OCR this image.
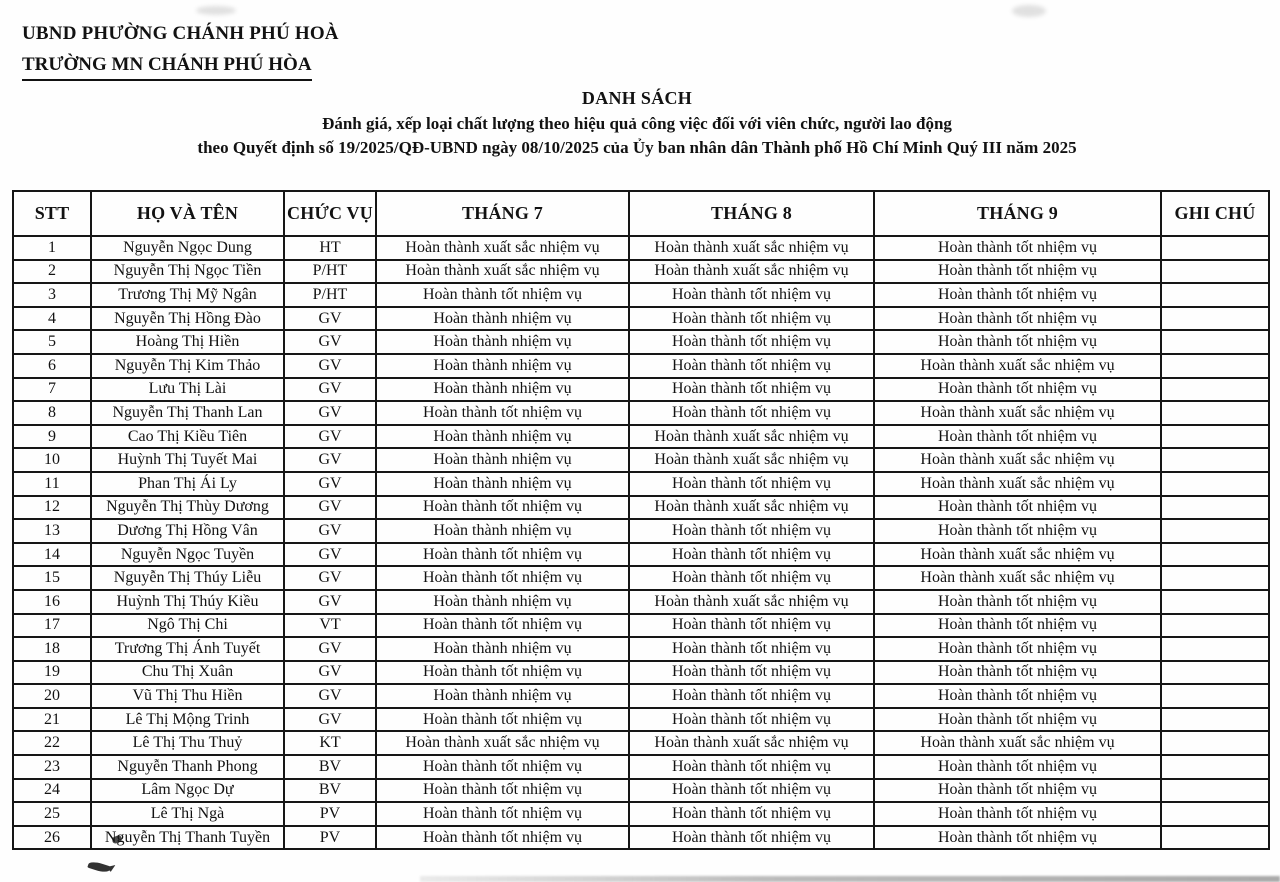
UBND PHƯỜNG CHÁNH PHÚ HOÀ
TRƯỜNG MN CHÁNH PHÚ HÒA
DANH SÁCH
Đánh giá, xếp loại chất lượng theo hiệu quả công việc đối với viên chức, người lao động
theo Quyết định số 19/2025/QĐ-UBND ngày 08/10/2025 của Ủy ban nhân dân Thành phố Hồ Chí Minh Quý III năm 2025
STT	HỌ VÀ TÊN	CHỨC VỤ	THÁNG 7	THÁNG 8	THÁNG 9	GHI CHÚ
1	Nguyễn Ngọc Dung	HT	Hoàn thành xuất sắc nhiệm vụ	Hoàn thành xuất sắc nhiệm vụ	Hoàn thành tốt nhiệm vụ	
2	Nguyễn Thị Ngọc Tiền	P/HT	Hoàn thành xuất sắc nhiệm vụ	Hoàn thành xuất sắc nhiệm vụ	Hoàn thành tốt nhiệm vụ	
3	Trương Thị Mỹ Ngân	P/HT	Hoàn thành tốt nhiệm vụ	Hoàn thành tốt nhiệm vụ	Hoàn thành tốt nhiệm vụ	
4	Nguyễn Thị Hồng Đào	GV	Hoàn thành nhiệm vụ	Hoàn thành tốt nhiệm vụ	Hoàn thành tốt nhiệm vụ	
5	Hoàng Thị Hiền	GV	Hoàn thành nhiệm vụ	Hoàn thành tốt nhiệm vụ	Hoàn thành tốt nhiệm vụ	
6	Nguyễn Thị Kim Thảo	GV	Hoàn thành nhiệm vụ	Hoàn thành tốt nhiệm vụ	Hoàn thành xuất sắc nhiệm vụ	
7	Lưu Thị Lài	GV	Hoàn thành nhiệm vụ	Hoàn thành tốt nhiệm vụ	Hoàn thành tốt nhiệm vụ	
8	Nguyễn Thị Thanh Lan	GV	Hoàn thành tốt nhiệm vụ	Hoàn thành tốt nhiệm vụ	Hoàn thành xuất sắc nhiệm vụ	
9	Cao Thị Kiều Tiên	GV	Hoàn thành nhiệm vụ	Hoàn thành xuất sắc nhiệm vụ	Hoàn thành tốt nhiệm vụ	
10	Huỳnh Thị Tuyết Mai	GV	Hoàn thành nhiệm vụ	Hoàn thành xuất sắc nhiệm vụ	Hoàn thành xuất sắc nhiệm vụ	
11	Phan Thị Ái Ly	GV	Hoàn thành nhiệm vụ	Hoàn thành tốt nhiệm vụ	Hoàn thành xuất sắc nhiệm vụ	
12	Nguyễn Thị Thùy Dương	GV	Hoàn thành tốt nhiệm vụ	Hoàn thành xuất sắc nhiệm vụ	Hoàn thành tốt nhiệm vụ	
13	Dương Thị Hồng Vân	GV	Hoàn thành nhiệm vụ	Hoàn thành tốt nhiệm vụ	Hoàn thành tốt nhiệm vụ	
14	Nguyễn Ngọc Tuyền	GV	Hoàn thành tốt nhiệm vụ	Hoàn thành tốt nhiệm vụ	Hoàn thành xuất sắc nhiệm vụ	
15	Nguyễn Thị Thúy Liễu	GV	Hoàn thành tốt nhiệm vụ	Hoàn thành tốt nhiệm vụ	Hoàn thành xuất sắc nhiệm vụ	
16	Huỳnh Thị Thúy Kiều	GV	Hoàn thành nhiệm vụ	Hoàn thành xuất sắc nhiệm vụ	Hoàn thành tốt nhiệm vụ	
17	Ngô Thị Chi	VT	Hoàn thành tốt nhiệm vụ	Hoàn thành tốt nhiệm vụ	Hoàn thành tốt nhiệm vụ	
18	Trương Thị Ánh Tuyết	GV	Hoàn thành nhiệm vụ	Hoàn thành tốt nhiệm vụ	Hoàn thành tốt nhiệm vụ	
19	Chu Thị Xuân	GV	Hoàn thành tốt nhiệm vụ	Hoàn thành tốt nhiệm vụ	Hoàn thành tốt nhiệm vụ	
20	Vũ Thị Thu Hiền	GV	Hoàn thành nhiệm vụ	Hoàn thành tốt nhiệm vụ	Hoàn thành tốt nhiệm vụ	
21	Lê Thị Mộng Trinh	GV	Hoàn thành tốt nhiệm vụ	Hoàn thành tốt nhiệm vụ	Hoàn thành tốt nhiệm vụ	
22	Lê Thị Thu Thuỷ	KT	Hoàn thành xuất sắc nhiệm vụ	Hoàn thành xuất sắc nhiệm vụ	Hoàn thành xuất sắc nhiệm vụ	
23	Nguyễn Thanh Phong	BV	Hoàn thành tốt nhiệm vụ	Hoàn thành tốt nhiệm vụ	Hoàn thành tốt nhiệm vụ	
24	Lâm Ngọc Dự	BV	Hoàn thành tốt nhiệm vụ	Hoàn thành tốt nhiệm vụ	Hoàn thành tốt nhiệm vụ	
25	Lê Thị Ngà	PV	Hoàn thành tốt nhiệm vụ	Hoàn thành tốt nhiệm vụ	Hoàn thành tốt nhiệm vụ	
26	Nguyễn Thị Thanh Tuyền	PV	Hoàn thành tốt nhiệm vụ	Hoàn thành tốt nhiệm vụ	Hoàn thành tốt nhiệm vụ	
